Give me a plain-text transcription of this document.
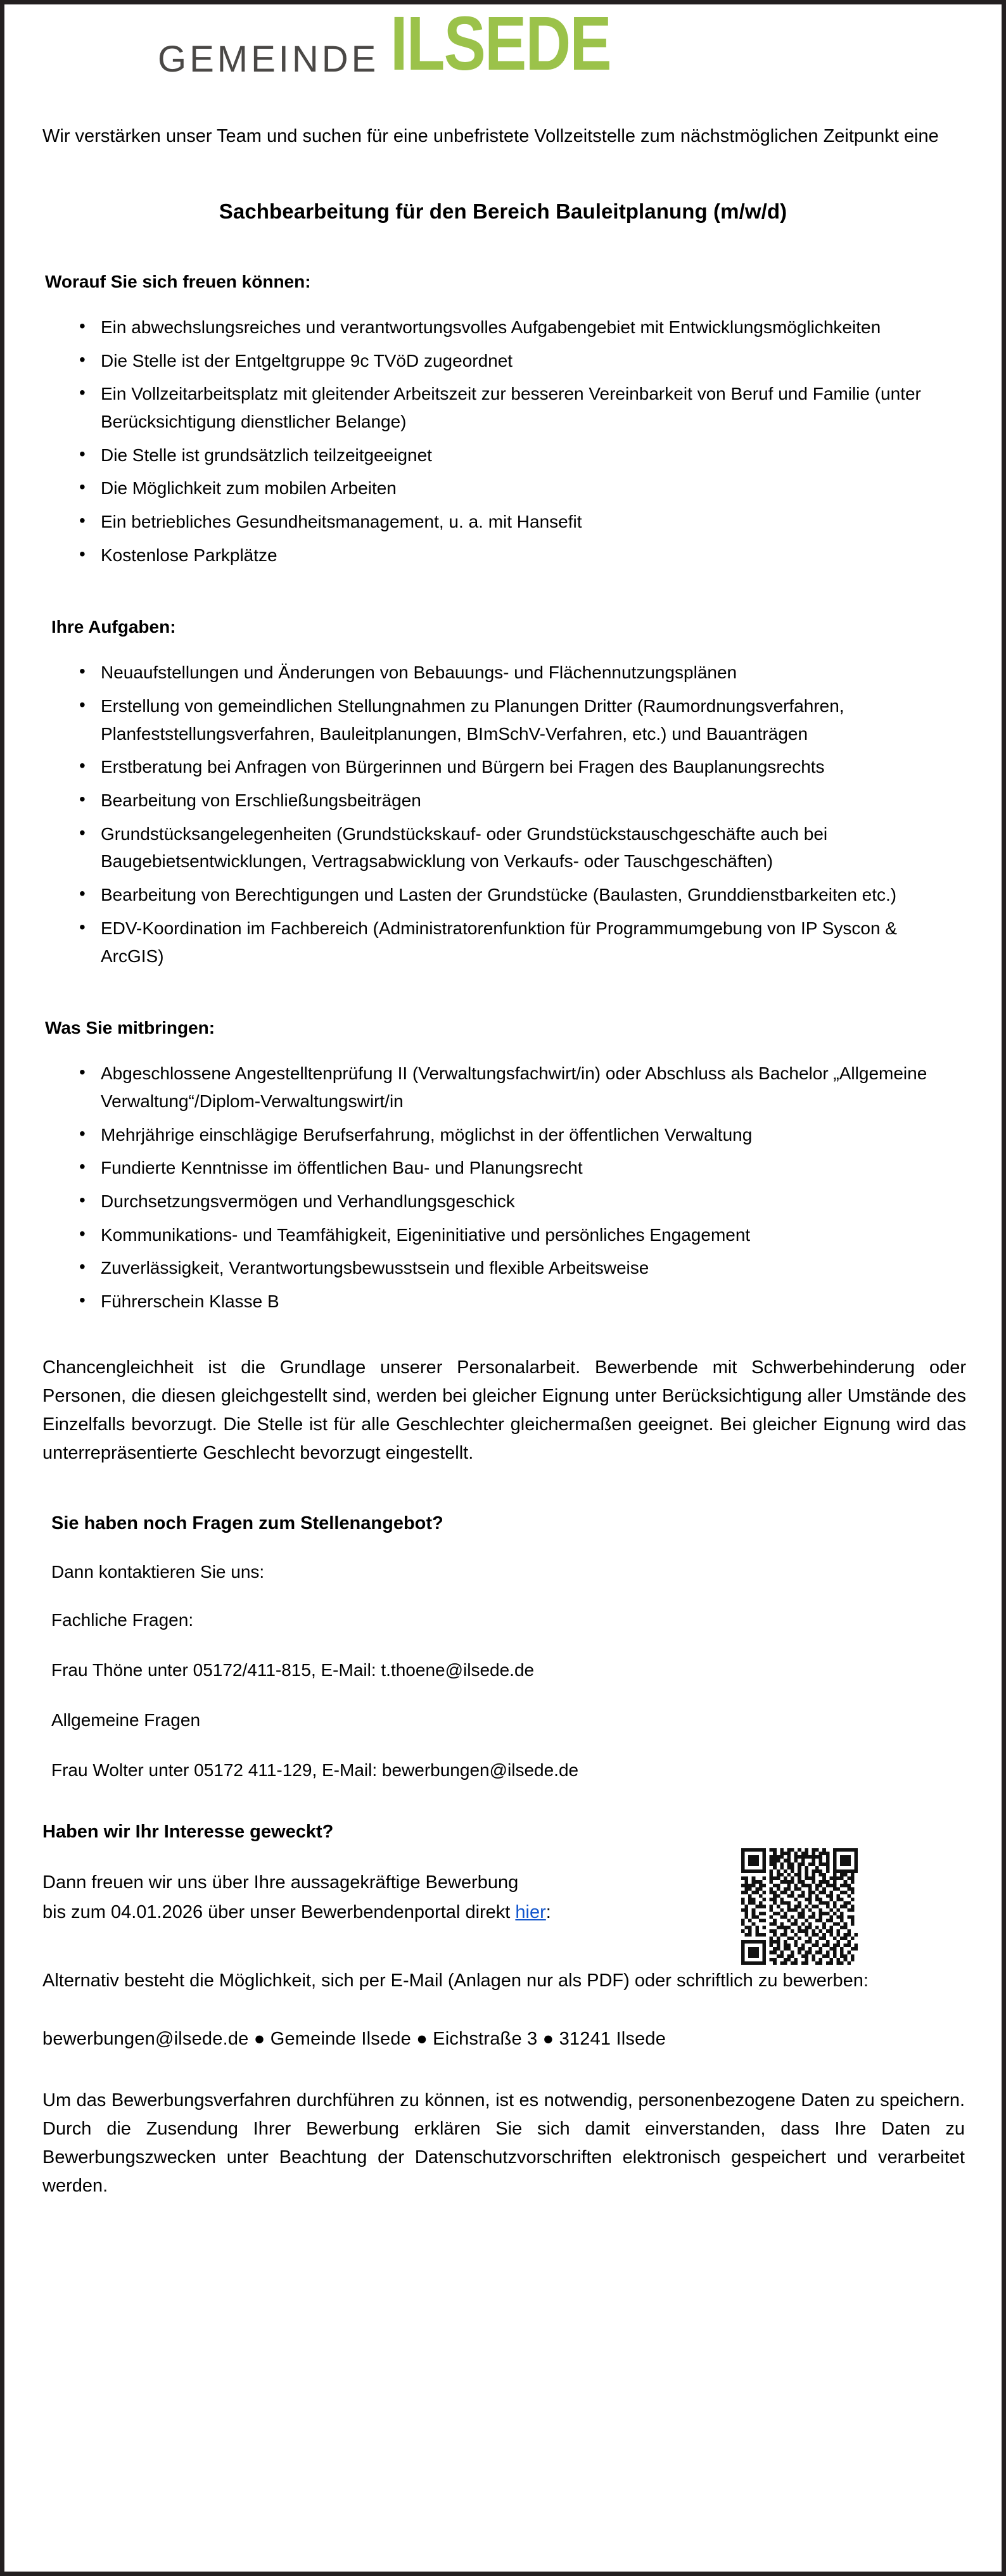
GEMEINDE ILSEDE

Wir verstärken unser Team und suchen für eine unbefristete Vollzeitstelle zum nächstmöglichen Zeitpunkt eine

Sachbearbeitung für den Bereich Bauleitplanung (m/w/d)
Worauf Sie sich freuen können:
• Ein abwechslungsreiches und verantwortungsvolles Aufgabengebiet mit Entwicklungsmöglichkeiten
• Die Stelle ist der Entgeltgruppe 9c TVöD zugeordnet
• Ein Vollzeitarbeitsplatz mit gleitender Arbeitszeit zur besseren Vereinbarkeit von Beruf und Familie (unter Berücksichtigung dienstlicher Belange)
• Die Stelle ist grundsätzlich teilzeitgeeignet
• Die Möglichkeit zum mobilen Arbeiten
• Ein betriebliches Gesundheitsmanagement, u. a. mit Hansefit
• Kostenlose Parkplätze
Ihre Aufgaben:
• Neuaufstellungen und Änderungen von Bebauungs- und Flächennutzungsplänen
• Erstellung von gemeindlichen Stellungnahmen zu Planungen Dritter (Raumordnungsverfahren, Planfeststellungsverfahren, Bauleitplanungen, BImSchV-Verfahren, etc.) und Bauanträgen
• Erstberatung bei Anfragen von Bürgerinnen und Bürgern bei Fragen des Bauplanungsrechts
• Bearbeitung von Erschließungsbeiträgen
• Grundstücksangelegenheiten (Grundstückskauf- oder Grundstückstauschgeschäfte auch bei Baugebietsentwicklungen, Vertragsabwicklung von Verkaufs- oder Tauschgeschäften)
• Bearbeitung von Berechtigungen und Lasten der Grundstücke (Baulasten, Grunddienstbarkeiten etc.)
• EDV-Koordination im Fachbereich (Administratorenfunktion für Programmumgebung von IP Syscon & ArcGIS)
Was Sie mitbringen:
• Abgeschlossene Angestelltenprüfung II (Verwaltungsfachwirt/in) oder Abschluss als Bachelor „Allgemeine Verwaltung“/Diplom-Verwaltungswirt/in
• Mehrjährige einschlägige Berufserfahrung, möglichst in der öffentlichen Verwaltung
• Fundierte Kenntnisse im öffentlichen Bau- und Planungsrecht
• Durchsetzungsvermögen und Verhandlungsgeschick
• Kommunikations- und Teamfähigkeit, Eigeninitiative und persönliches Engagement
• Zuverlässigkeit, Verantwortungsbewusstsein und flexible Arbeitsweise
• Führerschein Klasse B

Chancengleichheit ist die Grundlage unserer Personalarbeit. Bewerbende mit Schwerbehinderung oder Personen, die diesen gleichgestellt sind, werden bei gleicher Eignung unter Berücksichtigung aller Umstände des Einzelfalls bevorzugt. Die Stelle ist für alle Geschlechter gleichermaßen geeignet. Bei gleicher Eignung wird das unterrepräsentierte Geschlecht bevorzugt eingestellt.

Sie haben noch Fragen zum Stellenangebot?

Dann kontaktieren Sie uns:

Fachliche Fragen:

Frau Thöne unter 05172/411-815, E-Mail: t.thoene@ilsede.de

Allgemeine Fragen

Frau Wolter unter 05172 411-129, E-Mail: bewerbungen@ilsede.de

Haben wir Ihr Interesse geweckt?

Dann freuen wir uns über Ihre aussagekräftige Bewerbung
bis zum 04.01.2026 über unser Bewerbendenportal direkt hier:

Alternativ besteht die Möglichkeit, sich per E-Mail (Anlagen nur als PDF) oder schriftlich zu bewerben:

bewerbungen@ilsede.de ● Gemeinde Ilsede ● Eichstraße 3 ● 31241 Ilsede

Um das Bewerbungsverfahren durchführen zu können, ist es notwendig, personenbezogene Daten zu speichern. Durch die Zusendung Ihrer Bewerbung erklären Sie sich damit einverstanden, dass Ihre Daten zu Bewerbungszwecken unter Beachtung der Datenschutzvorschriften elektronisch gespeichert und verarbeitet werden.
